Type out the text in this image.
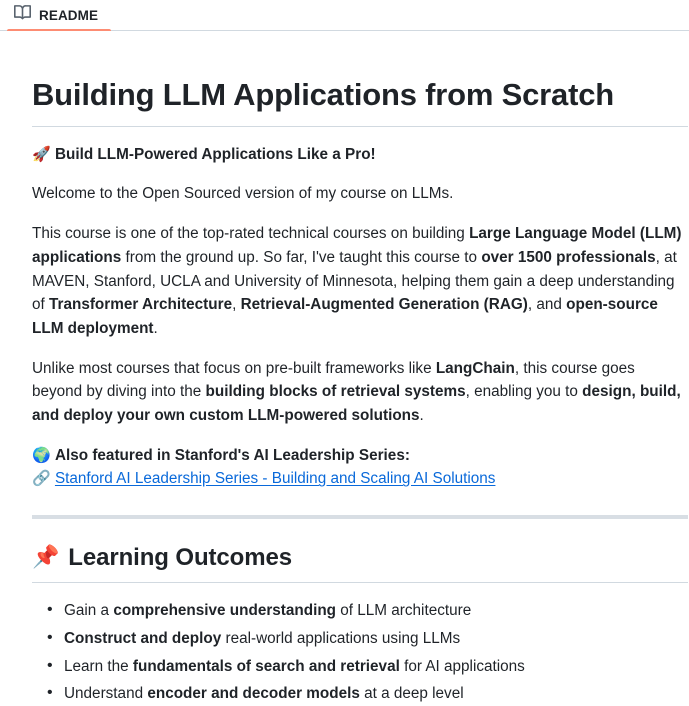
README
Building LLM Applications from Scratch

🚀 Build LLM-Powered Applications Like a Pro!

Welcome to the Open Sourced version of my course on LLMs.

This course is one of the top-rated technical courses on building Large Language Model (LLM) applications from the ground up. So far, I've taught this course to over 1500 professionals, at MAVEN, Stanford, UCLA and University of Minnesota, helping them gain a deep understanding of Transformer Architecture, Retrieval-Augmented Generation (RAG), and open-source LLM deployment.

Unlike most courses that focus on pre-built frameworks like LangChain, this course goes beyond by diving into the building blocks of retrieval systems, enabling you to design, build, and deploy your own custom LLM-powered solutions.

🌍 Also featured in Stanford's AI Leadership Series:
🔗 Stanford AI Leadership Series - Building and Scaling AI Solutions

📌 Learning Outcomes
• Gain a comprehensive understanding of LLM architecture
• Construct and deploy real-world applications using LLMs
• Learn the fundamentals of search and retrieval for AI applications
• Understand encoder and decoder models at a deep level
